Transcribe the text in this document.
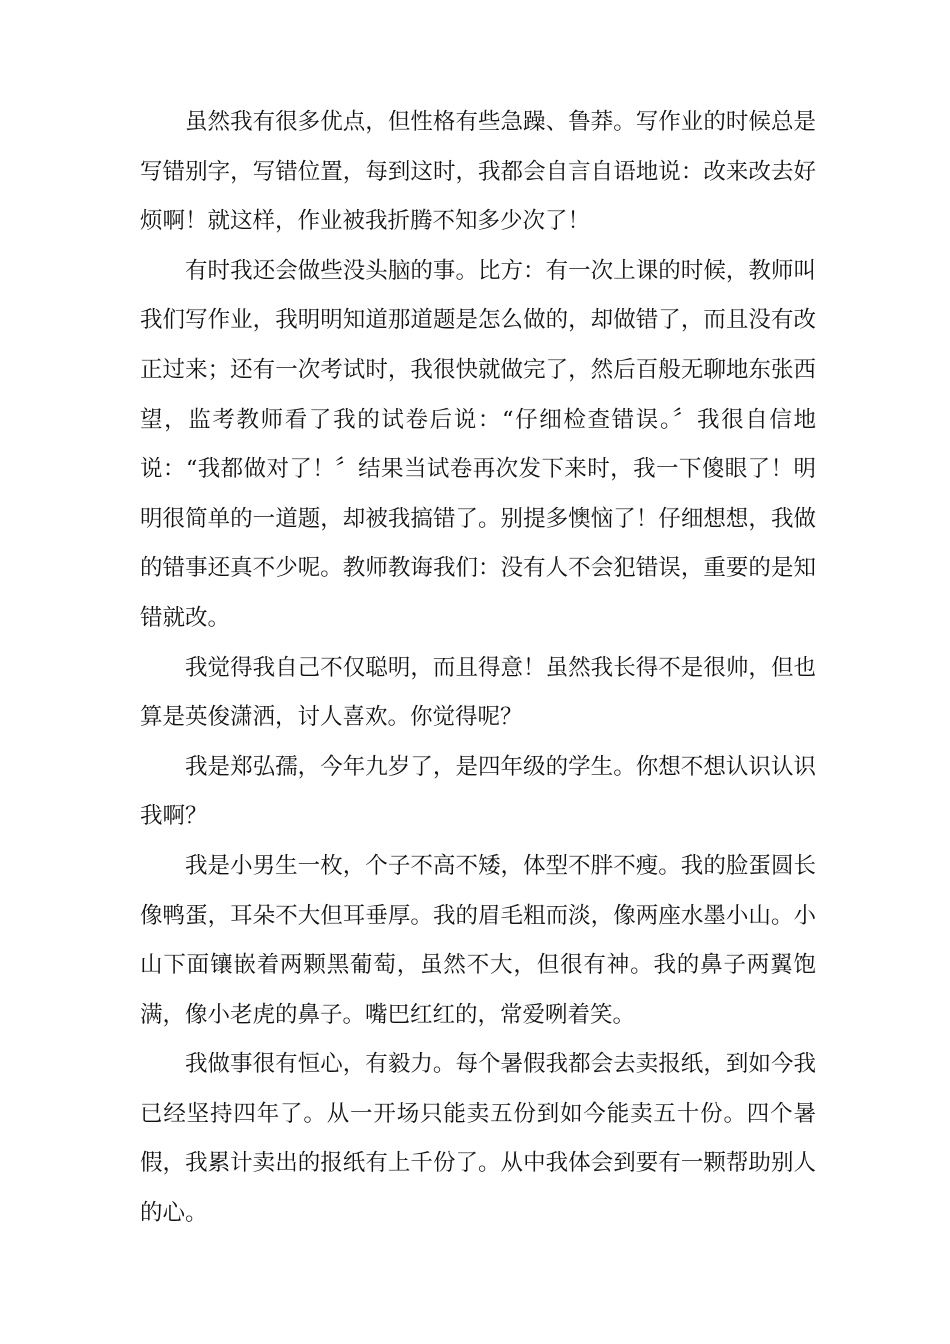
虽然我有很多优点，但性格有些急躁、鲁莽。写作业的时候总是写错别字，写错位置，每到这时，我都会自言自语地说：改来改去好烦啊！就这样，作业被我折腾不知多少次了！

有时我还会做些没头脑的事。比方：有一次上课的时候，教师叫我们写作业，我明明知道那道题是怎么做的，却做错了，而且没有改正过来；还有一次考试时，我很快就做完了，然后百般无聊地东张西望，监考教师看了我的试卷后说：“仔细检查错误。〞我很自信地说：“我都做对了！〞结果当试卷再次发下来时，我一下傻眼了！明明很简单的一道题，却被我搞错了。别提多懊恼了！仔细想想，我做的错事还真不少呢。教师教诲我们：没有人不会犯错误，重要的是知错就改。

我觉得我自己不仅聪明，而且得意！虽然我长得不是很帅，但也算是英俊潇洒，讨人喜欢。你觉得呢？

我是郑弘孺，今年九岁了，是四年级的学生。你想不想认识认识我啊？

我是小男生一枚，个子不高不矮，体型不胖不瘦。我的脸蛋圆长像鸭蛋，耳朵不大但耳垂厚。我的眉毛粗而淡，像两座水墨小山。小山下面镶嵌着两颗黑葡萄，虽然不大，但很有神。我的鼻子两翼饱满，像小老虎的鼻子。嘴巴红红的，常爱咧着笑。

我做事很有恒心，有毅力。每个暑假我都会去卖报纸，到如今我已经坚持四年了。从一开场只能卖五份到如今能卖五十份。四个暑假，我累计卖出的报纸有上千份了。从中我体会到要有一颗帮助别人的心。
